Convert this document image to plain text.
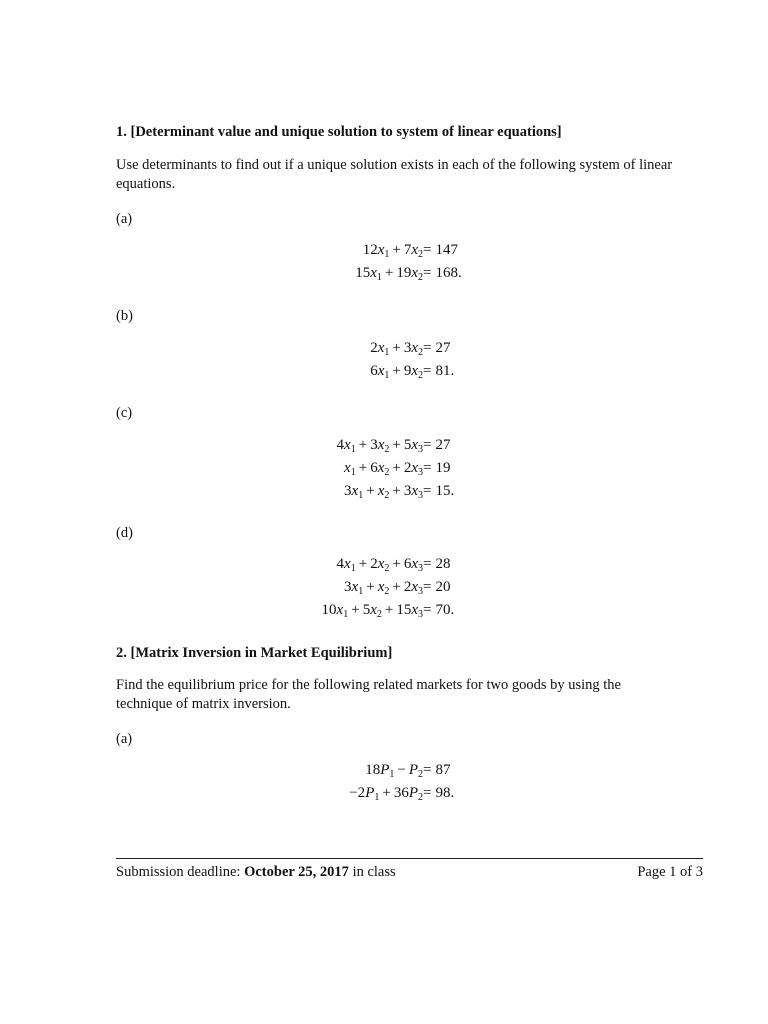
1. [Determinant value and unique solution to system of linear equations]
Use determinants to find out if a unique solution exists in each of the following system of linear equations.
(a)
$12x_1 + 7x_2 = 147$
$15x_1 + 19x_2 = 168$.
(b)
$2x_1 + 3x_2 = 27$
$6x_1 + 9x_2 = 81$.
(c)
$4x_1 + 3x_2 + 5x_3 = 27$
$x_1 + 6x_2 + 2x_3 = 19$
$3x_1 + x_2 + 3x_3 = 15$.
(d)
$4x_1 + 2x_2 + 6x_3 = 28$
$3x_1 + x_2 + 2x_3 = 20$
$10x_1 + 5x_2 + 15x_3 = 70$.
2. [Matrix Inversion in Market Equilibrium]
Find the equilibrium price for the following related markets for two goods by using the technique of matrix inversion.
(a)
$18P_1 - P_2 = 87$
$-2P_1 + 36P_2 = 98$.
Submission deadline: October 25, 2017 in class	Page 1 of 3
